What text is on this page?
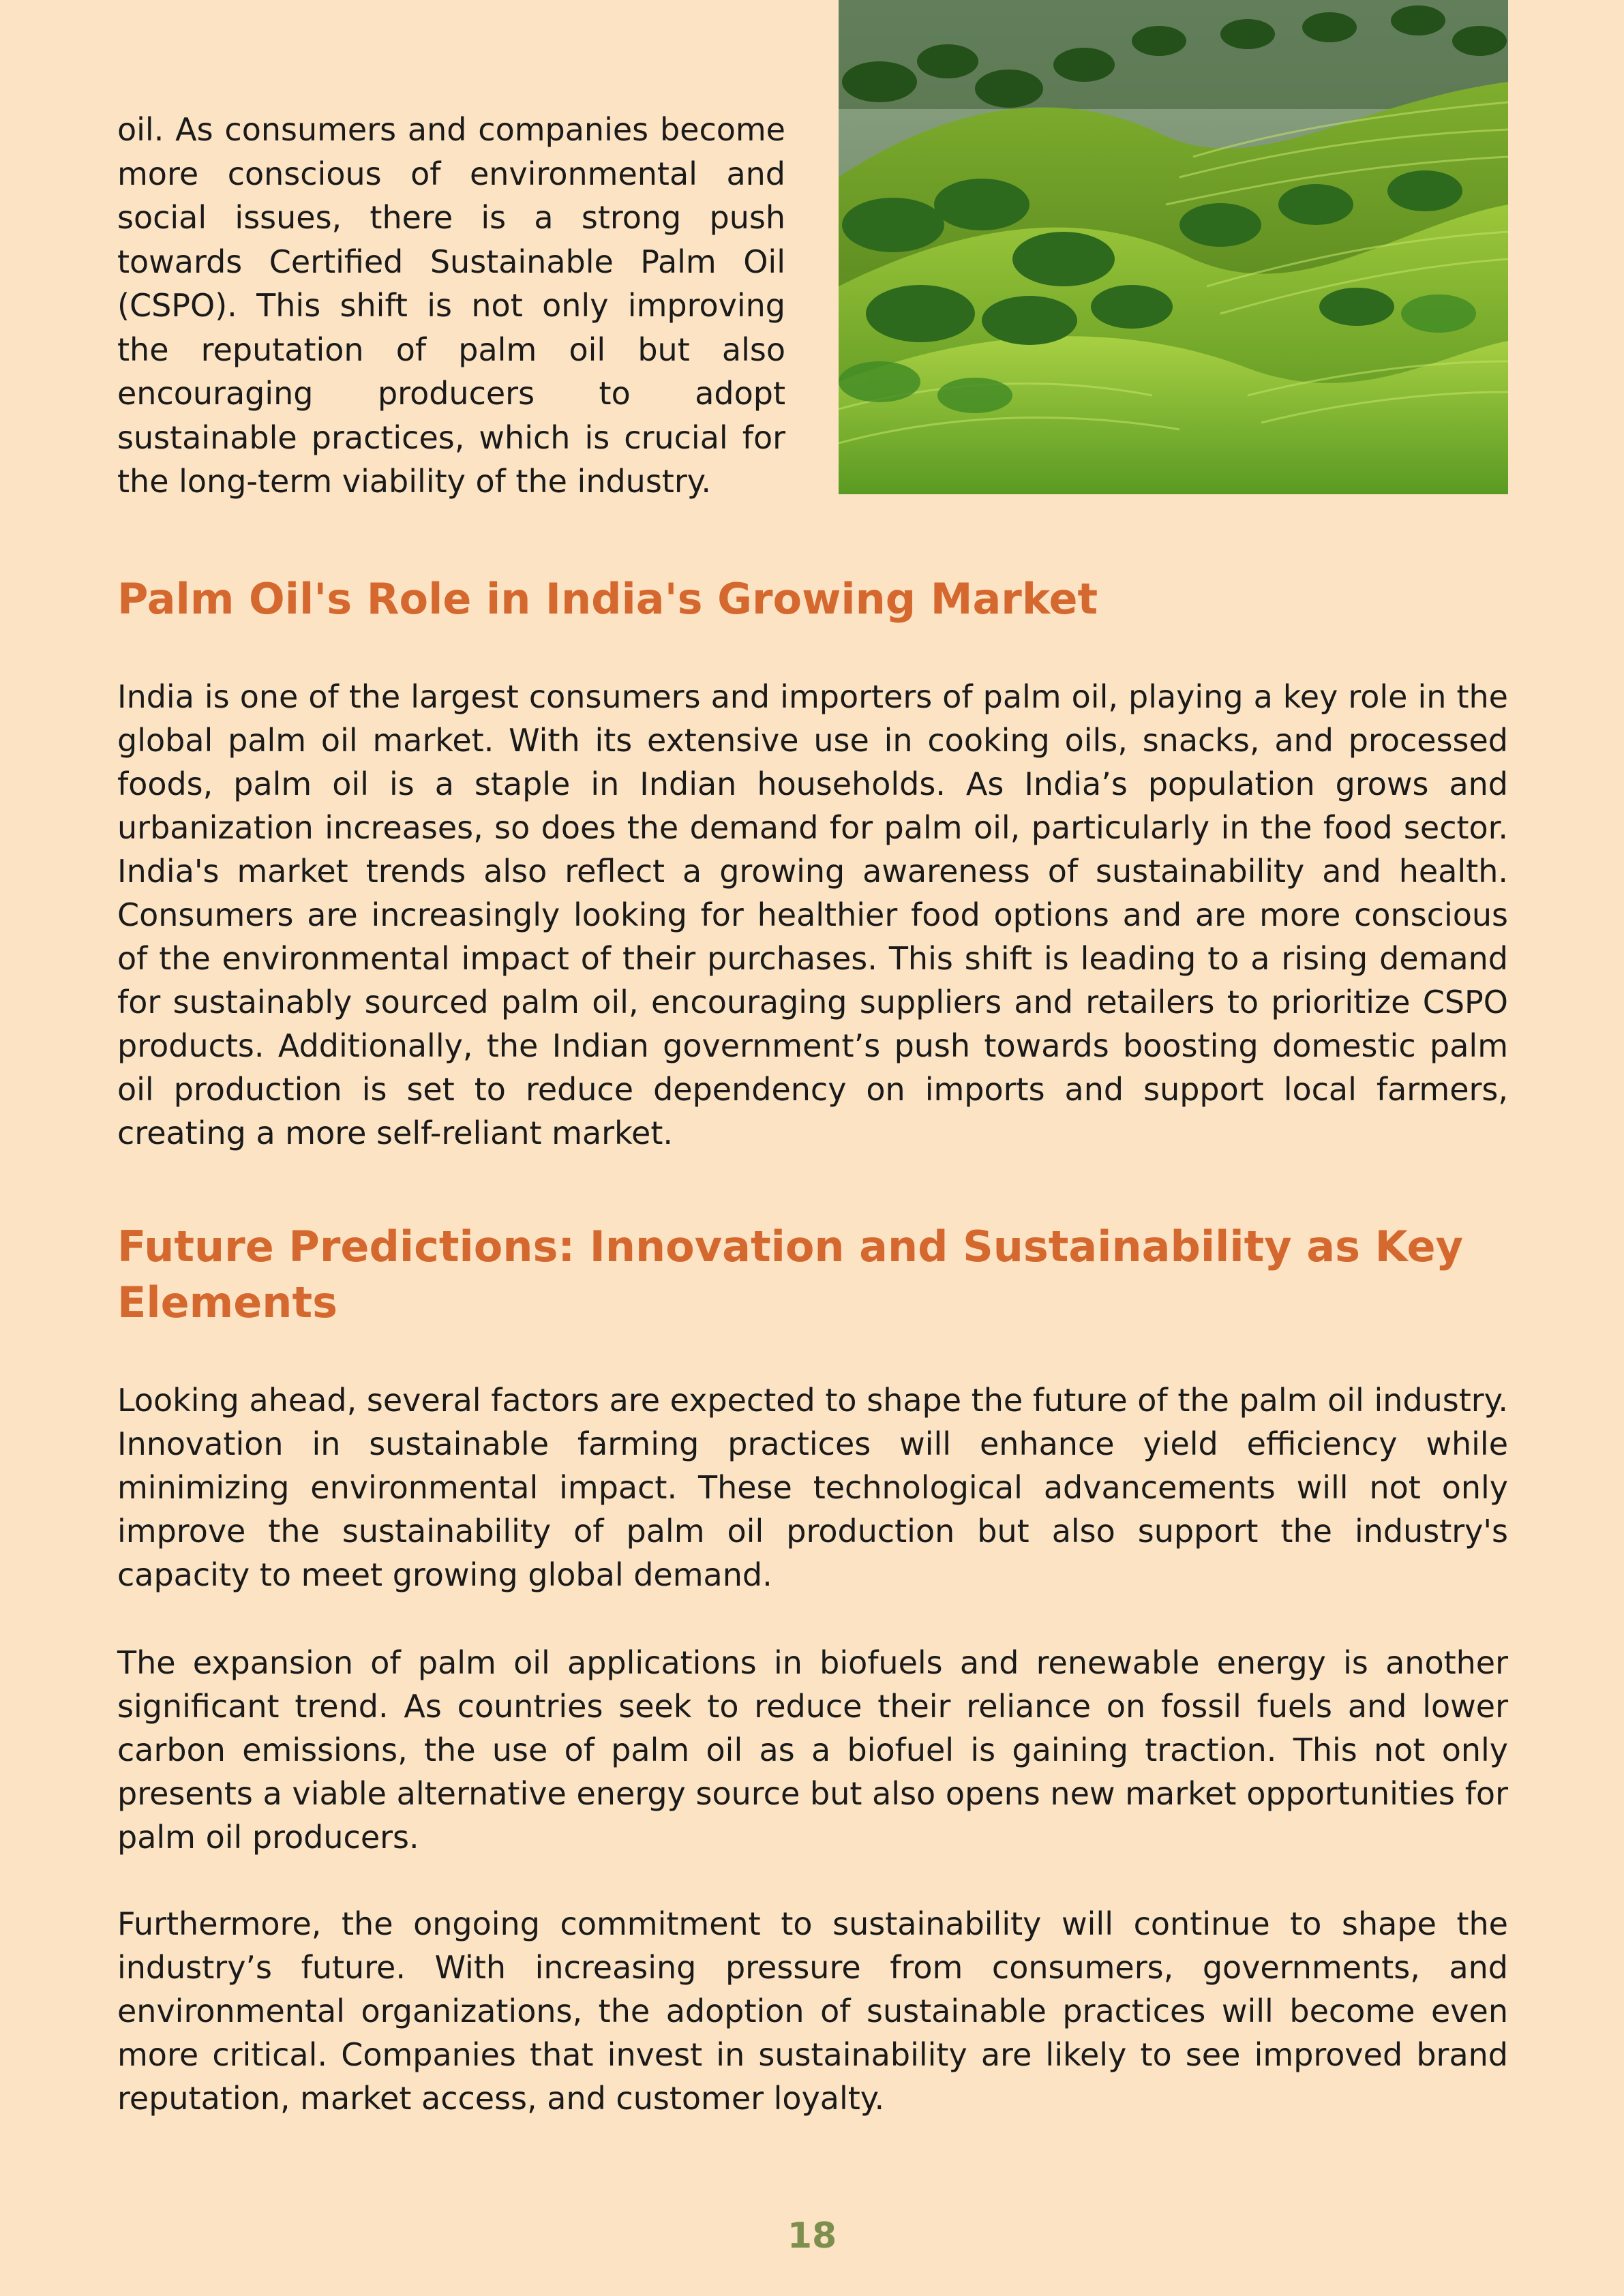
oil. As consumers and companies become more conscious of environmental and social issues, there is a strong push towards Certified Sustainable Palm Oil (CSPO). This shift is not only improving the reputation of palm oil but also encouraging producers to adopt sustainable practices, which is crucial for the long-term viability of the industry.

Palm Oil's Role in India's Growing Market

India is one of the largest consumers and importers of palm oil, playing a key role in the global palm oil market. With its extensive use in cooking oils, snacks, and processed foods, palm oil is a staple in Indian households. As India’s population grows and urbanization increases, so does the demand for palm oil, particularly in the food sector. India's market trends also reflect a growing awareness of sustainability and health. Consumers are increasingly looking for healthier food options and are more conscious of the environmental impact of their purchases. This shift is leading to a rising demand for sustainably sourced palm oil, encouraging suppliers and retailers to prioritize CSPO products. Additionally, the Indian government’s push towards boosting domestic palm oil production is set to reduce dependency on imports and support local farmers, creating a more self-reliant market.

Future Predictions: Innovation and Sustainability as Key Elements

Looking ahead, several factors are expected to shape the future of the palm oil industry. Innovation in sustainable farming practices will enhance yield efficiency while minimizing environmental impact. These technological advancements will not only improve the sustainability of palm oil production but also support the industry's capacity to meet growing global demand.

The expansion of palm oil applications in biofuels and renewable energy is another significant trend. As countries seek to reduce their reliance on fossil fuels and lower carbon emissions, the use of palm oil as a biofuel is gaining traction. This not only presents a viable alternative energy source but also opens new market opportunities for palm oil producers.

Furthermore, the ongoing commitment to sustainability will continue to shape the industry’s future. With increasing pressure from consumers, governments, and environmental organizations, the adoption of sustainable practices will become even more critical. Companies that invest in sustainability are likely to see improved brand reputation, market access, and customer loyalty.

18
